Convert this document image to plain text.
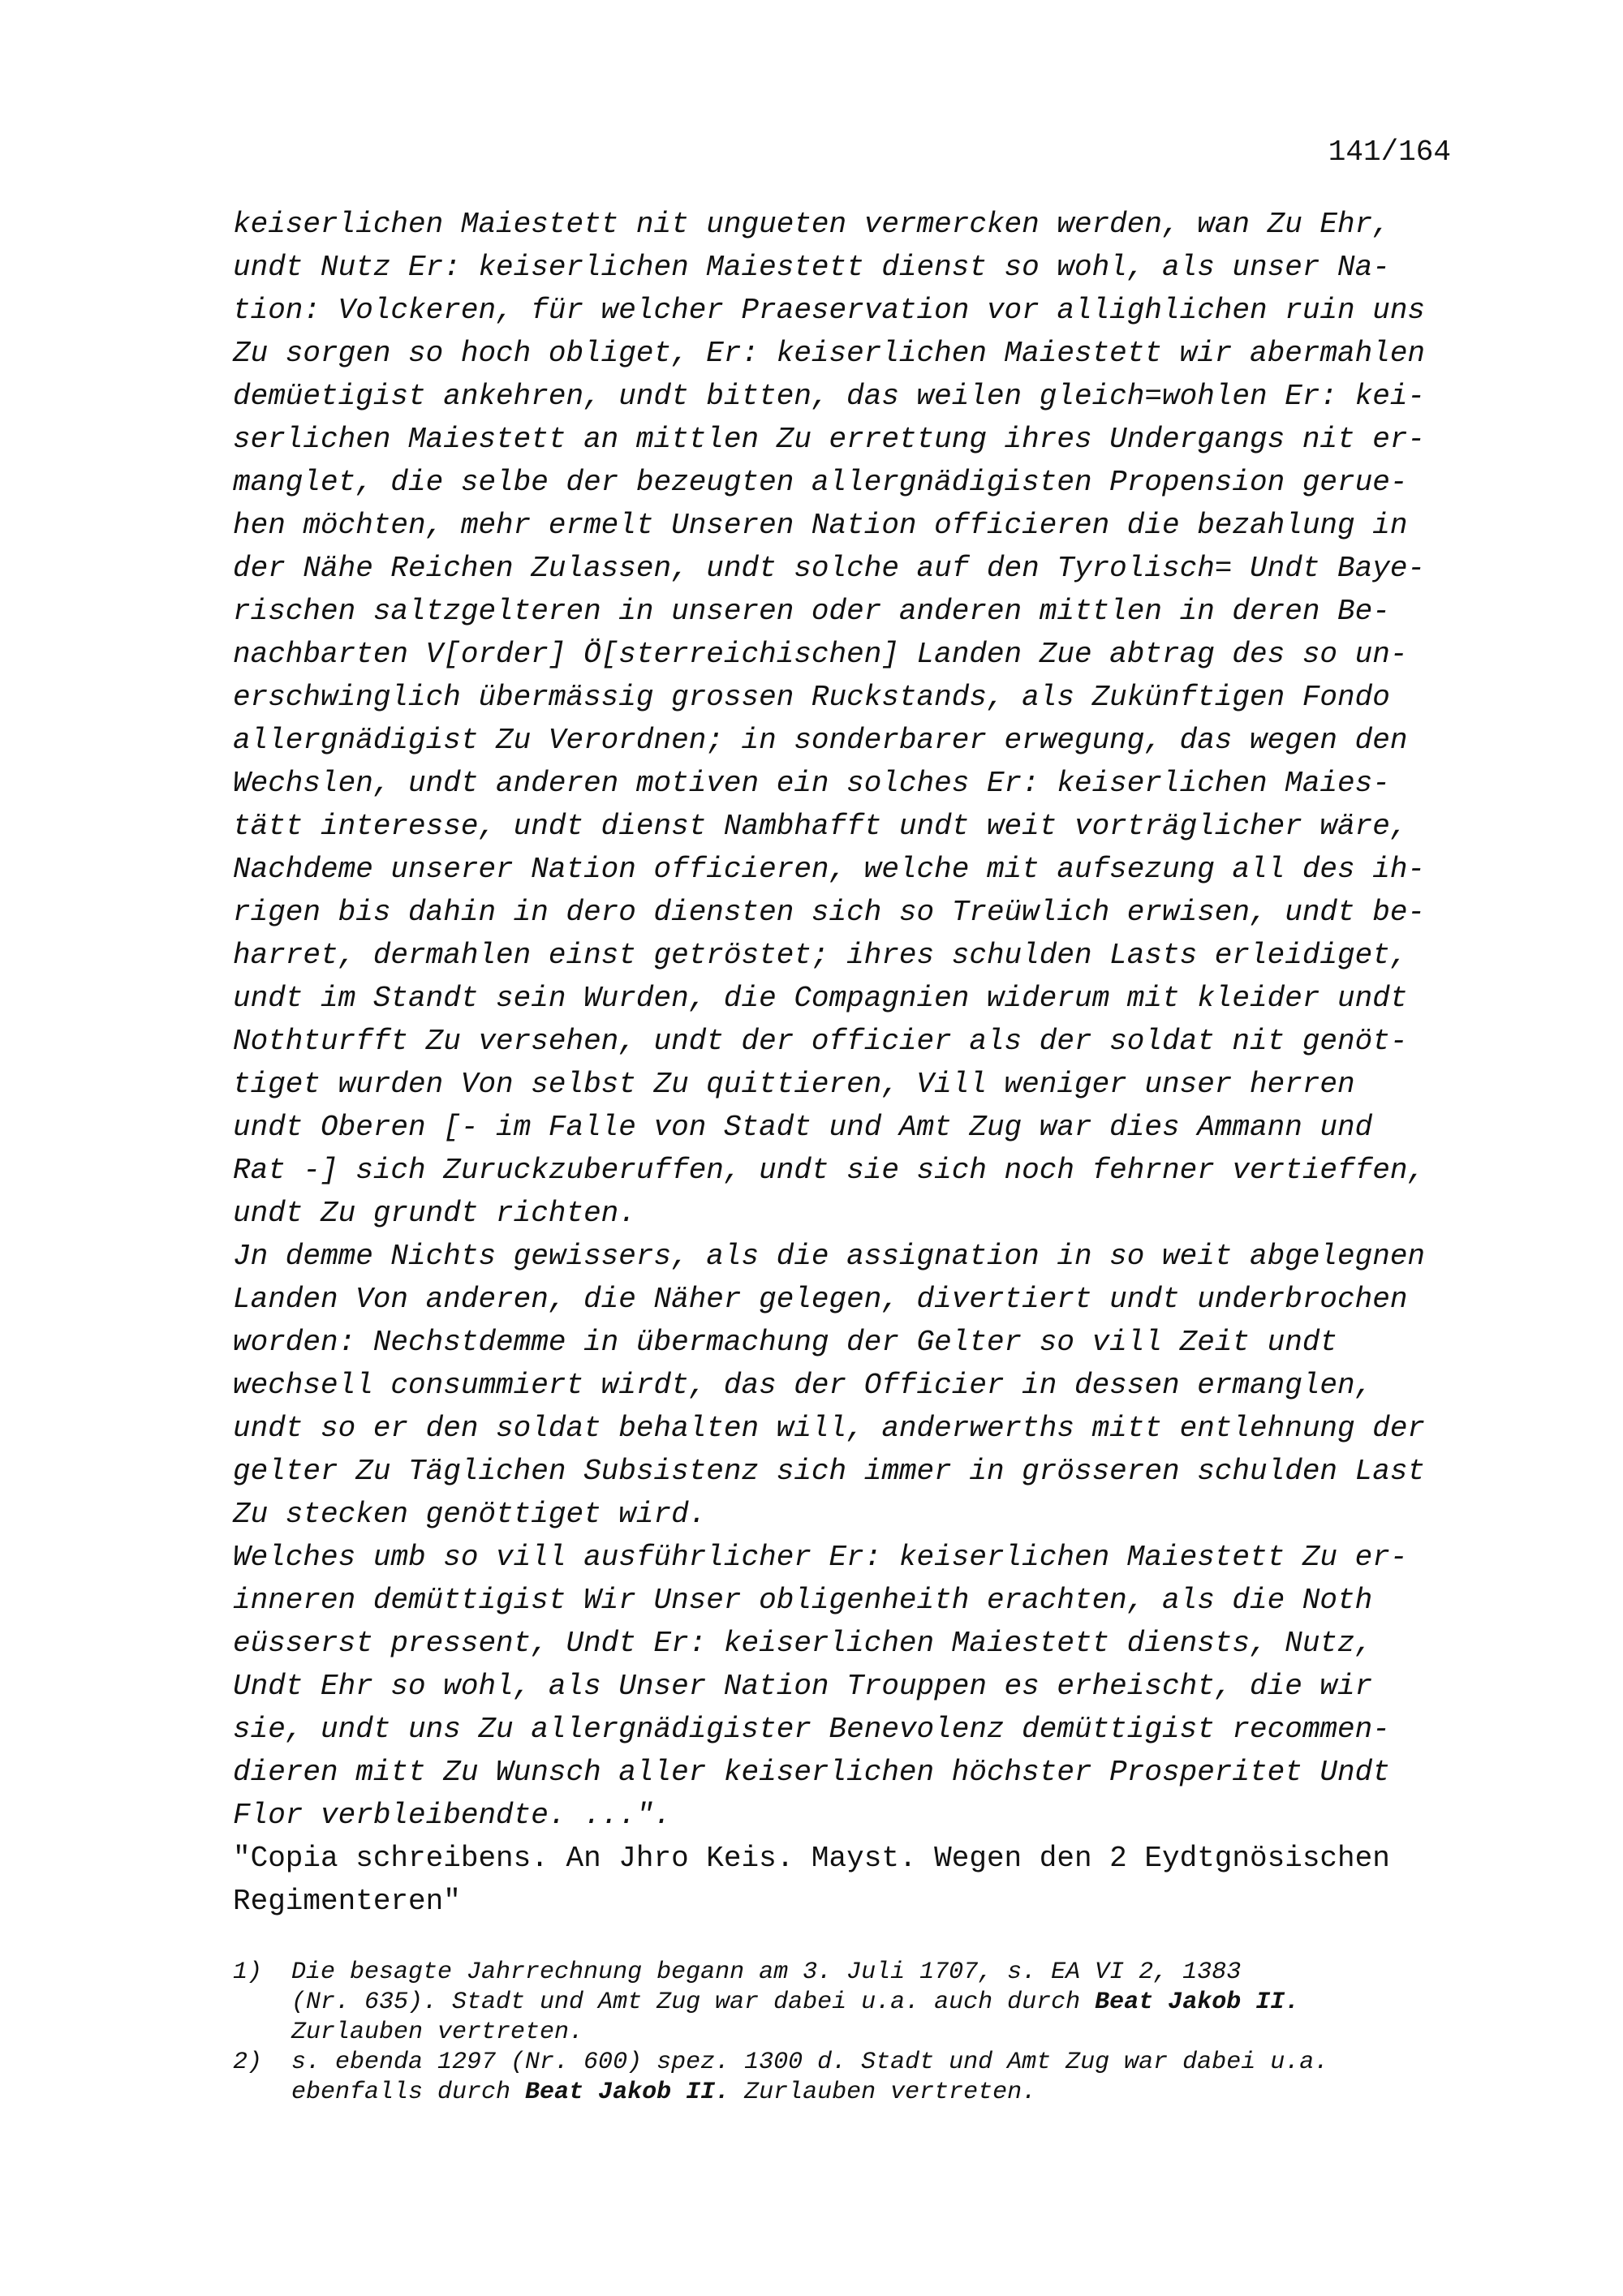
141/164
keiserlichen Maiestett nit ungueten vermercken werden, wan Zu Ehr,
undt Nutz Er: keiserlichen Maiestett dienst so wohl, als unser Na-
tion: Volckeren, für welcher Praeservation vor allighlichen ruin uns
Zu sorgen so hoch obliget, Er: keiserlichen Maiestett wir abermahlen
demüetigist ankehren, undt bitten, das weilen gleich=wohlen Er: kei-
serlichen Maiestett an mittlen Zu errettung ihres Undergangs nit er-
manglet, die selbe der bezeugten allergnädigisten Propension gerue-
hen möchten, mehr ermelt Unseren Nation officieren die bezahlung in
der Nähe Reichen Zulassen, undt solche auf den Tyrolisch= Undt Baye-
rischen saltzgelteren in unseren oder anderen mittlen in deren Be-
nachbarten V[order] Ö[sterreichischen] Landen Zue abtrag des so un-
erschwinglich übermässig grossen Ruckstands, als Zukünftigen Fondo
allergnädigist Zu Verordnen; in sonderbarer erwegung, das wegen den
Wechslen, undt anderen motiven ein solches Er: keiserlichen Maies-
tätt interesse, undt dienst Nambhafft undt weit vorträglicher wäre,
Nachdeme unserer Nation officieren, welche mit aufsezung all des ih-
rigen bis dahin in dero diensten sich so Treüwlich erwisen, undt be-
harret, dermahlen einst getröstet; ihres schulden Lasts erleidiget,
undt im Standt sein Wurden, die Compagnien widerum mit kleider undt
Nothturfft Zu versehen, undt der officier als der soldat nit genöt-
tiget wurden Von selbst Zu quittieren, Vill weniger unser herren
undt Oberen [- im Falle von Stadt und Amt Zug war dies Ammann und
Rat -] sich Zuruckzuberuffen, undt sie sich noch fehrner vertieffen,
undt Zu grundt richten.
Jn demme Nichts gewissers, als die assignation in so weit abgelegnen
Landen Von anderen, die Näher gelegen, divertiert undt underbrochen
worden: Nechstdemme in übermachung der Gelter so vill Zeit undt
wechsell consummiert wirdt, das der Officier in dessen ermanglen,
undt so er den soldat behalten will, anderwerths mitt entlehnung der
gelter Zu Täglichen Subsistenz sich immer in grösseren schulden Last
Zu stecken genöttiget wird.
Welches umb so vill ausführlicher Er: keiserlichen Maiestett Zu er-
inneren demüttigist Wir Unser obligenheith erachten, als die Noth
eüsserst pressent, Undt Er: keiserlichen Maiestett diensts, Nutz,
Undt Ehr so wohl, als Unser Nation Trouppen es erheischt, die wir
sie, undt uns Zu allergnädigister Benevolenz demüttigist recommen-
dieren mitt Zu Wunsch aller keiserlichen höchster Prosperitet Undt
Flor verbleibendte. ...".
"Copia schreibens. An Jhro Keis. Mayst. Wegen den 2 Eydtgnösischen
Regimenteren"
1)	Die besagte Jahrrechnung begann am 3. Juli 1707, s. EA VI 2, 1383
(Nr. 635). Stadt und Amt Zug war dabei u.a. auch durch Beat Jakob II.
Zurlauben vertreten.
2)	s. ebenda 1297 (Nr. 600) spez. 1300 d. Stadt und Amt Zug war dabei u.a.
ebenfalls durch Beat Jakob II. Zurlauben vertreten.
